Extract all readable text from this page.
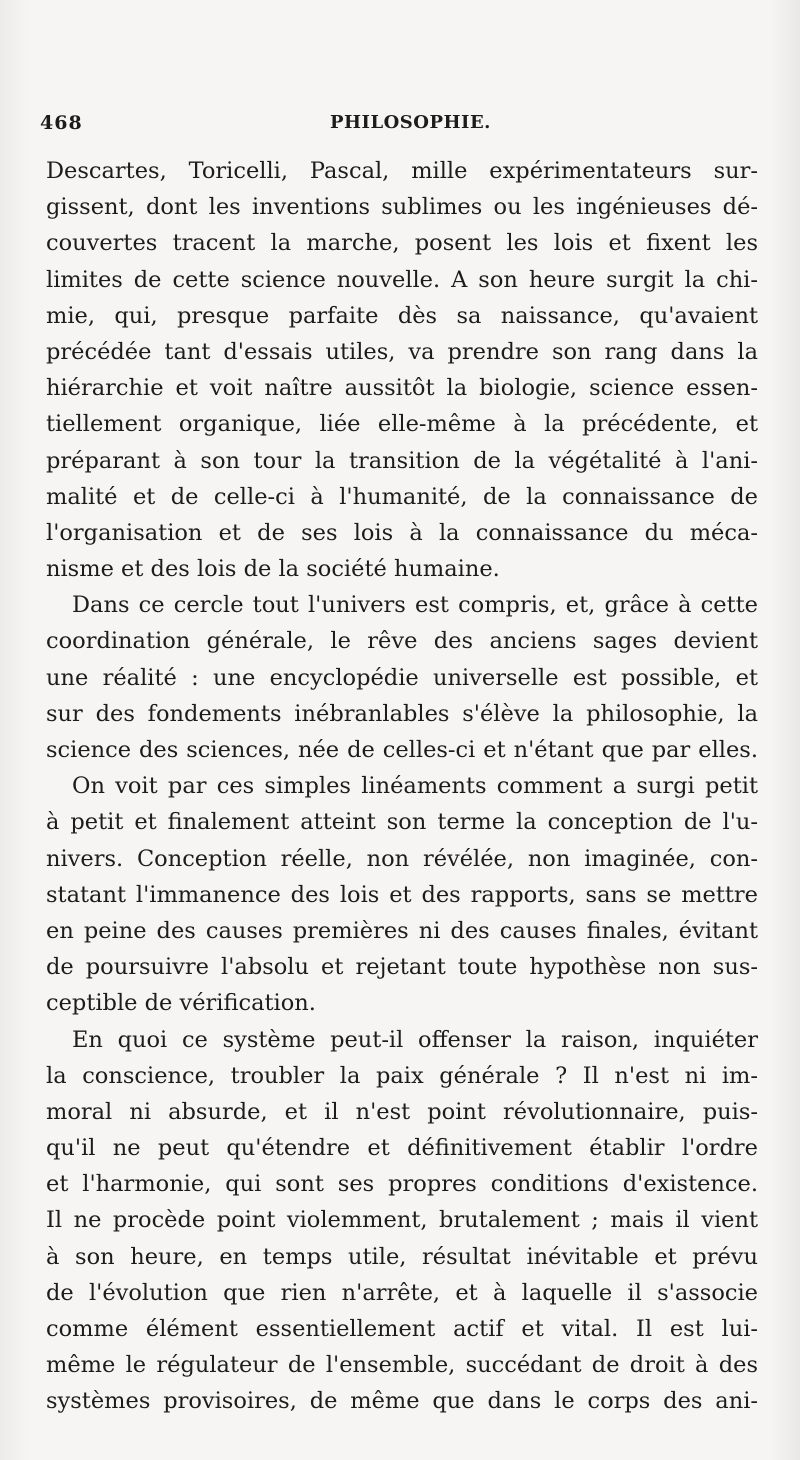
468	PHILOSOPHIE.
Descartes, Toricelli, Pascal, mille expérimentateurs sur-
gissent, dont les inventions sublimes ou les ingénieuses dé-
couvertes tracent la marche, posent les lois et fixent les
limites de cette science nouvelle. A son heure surgit la chi-
mie, qui, presque parfaite dès sa naissance, qu'avaient
précédée tant d'essais utiles, va prendre son rang dans la
hiérarchie et voit naître aussitôt la biologie, science essen-
tiellement organique, liée elle-même à la précédente, et
préparant à son tour la transition de la végétalité à l'ani-
malité et de celle-ci à l'humanité, de la connaissance de
l'organisation et de ses lois à la connaissance du méca-
nisme et des lois de la société humaine.
Dans ce cercle tout l'univers est compris, et, grâce à cette
coordination générale, le rêve des anciens sages devient
une réalité : une encyclopédie universelle est possible, et
sur des fondements inébranlables s'élève la philosophie, la
science des sciences, née de celles-ci et n'étant que par elles.
On voit par ces simples linéaments comment a surgi petit
à petit et finalement atteint son terme la conception de l'u-
nivers. Conception réelle, non révélée, non imaginée, con-
statant l'immanence des lois et des rapports, sans se mettre
en peine des causes premières ni des causes finales, évitant
de poursuivre l'absolu et rejetant toute hypothèse non sus-
ceptible de vérification.
En quoi ce système peut-il offenser la raison, inquiéter
la conscience, troubler la paix générale ? Il n'est ni im-
moral ni absurde, et il n'est point révolutionnaire, puis-
qu'il ne peut qu'étendre et définitivement établir l'ordre
et l'harmonie, qui sont ses propres conditions d'existence.
Il ne procède point violemment, brutalement ; mais il vient
à son heure, en temps utile, résultat inévitable et prévu
de l'évolution que rien n'arrête, et à laquelle il s'associe
comme élément essentiellement actif et vital. Il est lui-
même le régulateur de l'ensemble, succédant de droit à des
systèmes provisoires, de même que dans le corps des ani-
